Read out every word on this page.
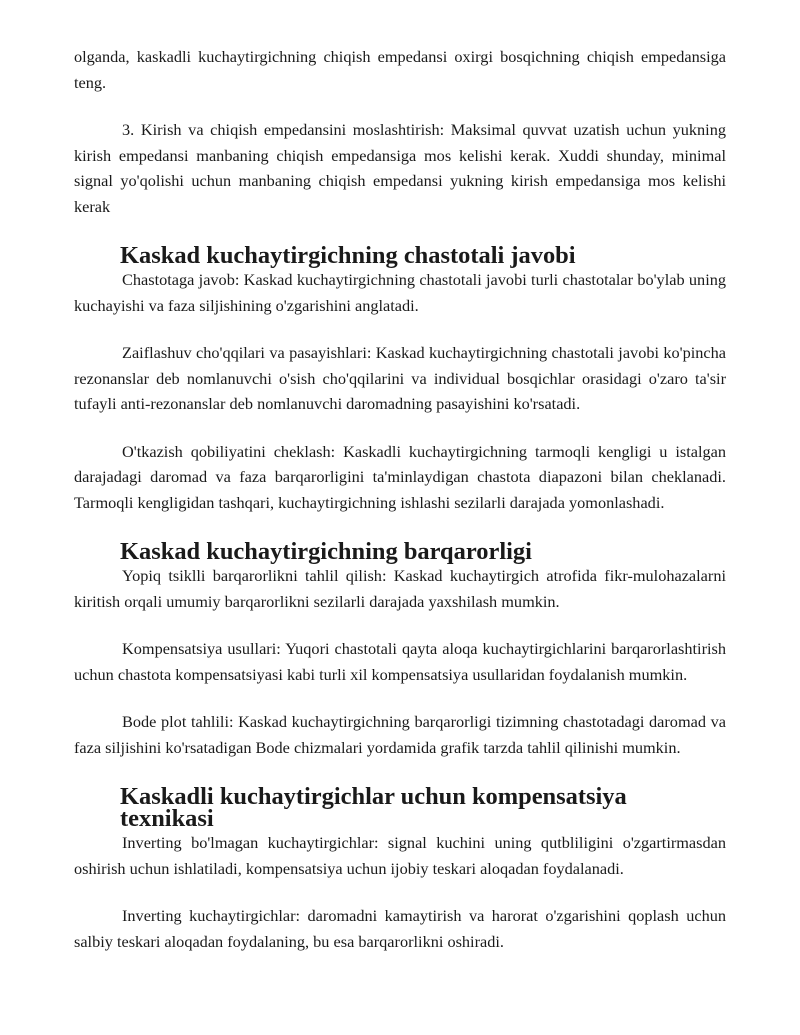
olganda, kaskadli kuchaytirgichning chiqish empedansi oxirgi bosqichning chiqish empedansiga teng.

3. Kirish va chiqish empedansini moslashtirish: Maksimal quvvat uzatish uchun yukning kirish empedansi manbaning chiqish empedansiga mos kelishi kerak. Xuddi shunday, minimal signal yo'qolishi uchun manbaning chiqish empedansi yukning kirish empedansiga mos kelishi kerak

Kaskad kuchaytirgichning chastotali javobi

Chastotaga javob: Kaskad kuchaytirgichning chastotali javobi turli chastotalar bo'ylab uning kuchayishi va faza siljishining o'zgarishini anglatadi.

Zaiflashuv cho'qqilari va pasayishlari: Kaskad kuchaytirgichning chastotali javobi ko'pincha rezonanslar deb nomlanuvchi o'sish cho'qqilarini va individual bosqichlar orasidagi o'zaro ta'sir tufayli anti-rezonanslar deb nomlanuvchi daromadning pasayishini ko'rsatadi.

O'tkazish qobiliyatini cheklash: Kaskadli kuchaytirgichning tarmoqli kengligi u istalgan darajadagi daromad va faza barqarorligini ta'minlaydigan chastota diapazoni bilan cheklanadi. Tarmoqli kengligidan tashqari, kuchaytirgichning ishlashi sezilarli darajada yomonlashadi.

Kaskad kuchaytirgichning barqarorligi

Yopiq tsiklli barqarorlikni tahlil qilish: Kaskad kuchaytirgich atrofida fikr-mulohazalarni kiritish orqali umumiy barqarorlikni sezilarli darajada yaxshilash mumkin.

Kompensatsiya usullari: Yuqori chastotali qayta aloqa kuchaytirgichlarini barqarorlashtirish uchun chastota kompensatsiyasi kabi turli xil kompensatsiya usullaridan foydalanish mumkin.

Bode plot tahlili: Kaskad kuchaytirgichning barqarorligi tizimning chastotadagi daromad va faza siljishini ko'rsatadigan Bode chizmalari yordamida grafik tarzda tahlil qilinishi mumkin.

Kaskadli kuchaytirgichlar uchun kompensatsiya texnikasi

Inverting bo'lmagan kuchaytirgichlar: signal kuchini uning qutbliligini o'zgartirmasdan oshirish uchun ishlatiladi, kompensatsiya uchun ijobiy teskari aloqadan foydalanadi.

Inverting kuchaytirgichlar: daromadni kamaytirish va harorat o'zgarishini qoplash uchun salbiy teskari aloqadan foydalaning, bu esa barqarorlikni oshiradi.
